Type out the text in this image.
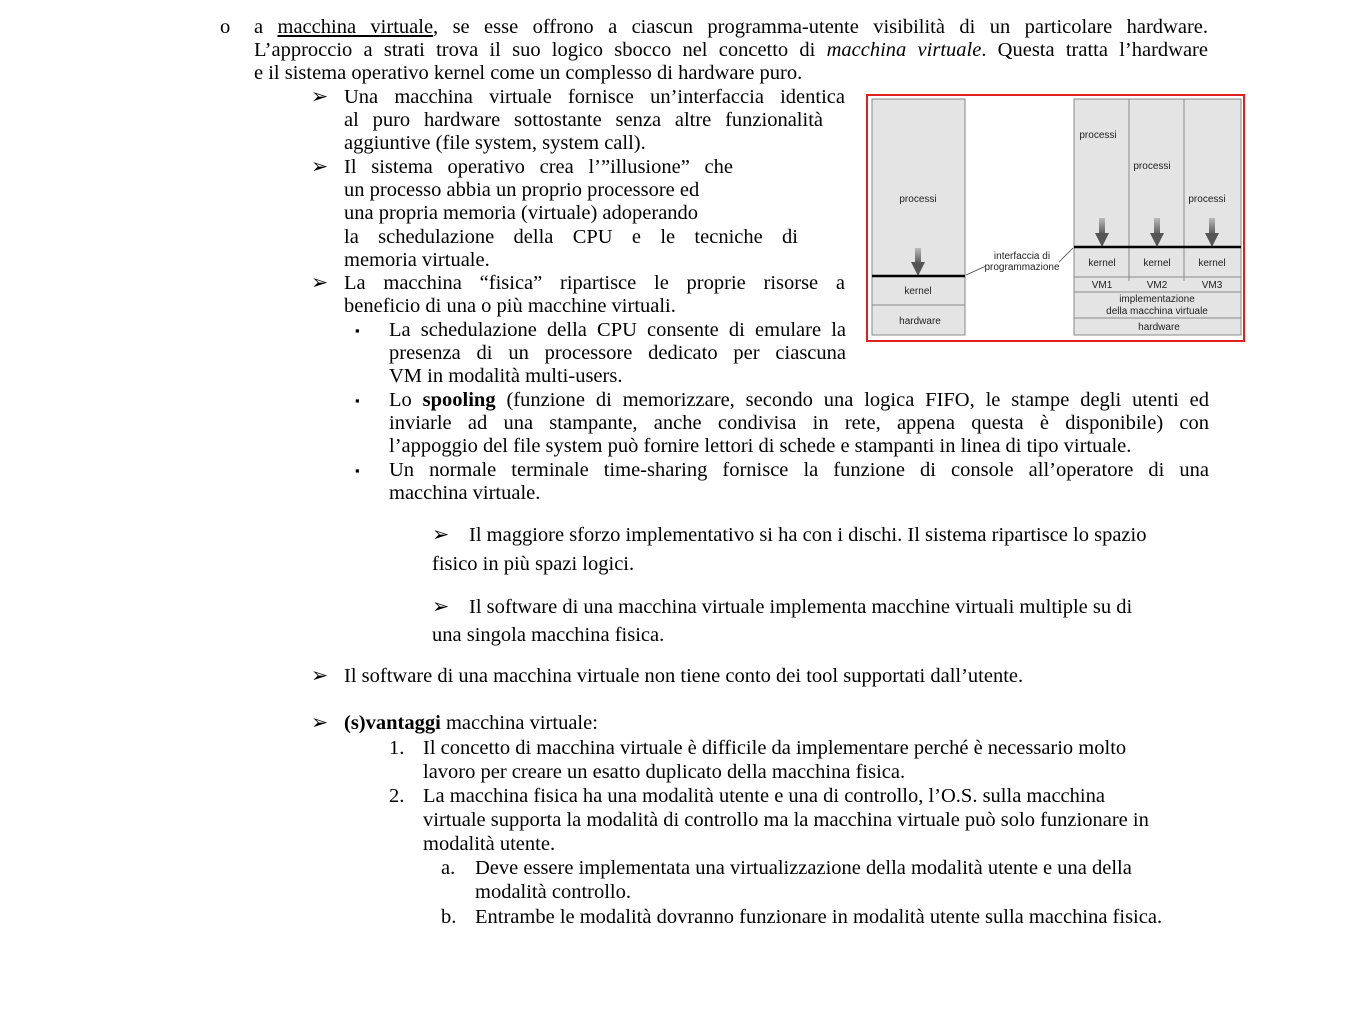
o a macchina virtuale, se esse offrono a ciascun programma-utente visibilità di un particolare hardware.
L’approccio a strati trova il suo logico sbocco nel concetto di macchina virtuale. Questa tratta l’hardware
e il sistema operativo kernel come un complesso di hardware puro.
➢ Una macchina virtuale fornisce un’interfaccia identica
al puro hardware sottostante senza altre funzionalità
aggiuntive (file system, system call).
➢ Il sistema operativo crea l’”illusione” che
un processo abbia un proprio processore ed
una propria memoria (virtuale) adoperando
la schedulazione della CPU e le tecniche di
memoria virtuale.
➢ La macchina “fisica” ripartisce le proprie risorse a
beneficio di una o più macchine virtuali.
▪ La schedulazione della CPU consente di emulare la
presenza di un processore dedicato per ciascuna
VM in modalità multi-users.
▪ Lo spooling (funzione di memorizzare, secondo una logica FIFO, le stampe degli utenti ed
inviarle ad una stampante, anche condivisa in rete, appena questa è disponibile) con
l’appoggio del file system può fornire lettori di schede e stampanti in linea di tipo virtuale.
▪ Un normale terminale time-sharing fornisce la funzione di console all’operatore di una
macchina virtuale.
➢ Il maggiore sforzo implementativo si ha con i dischi. Il sistema ripartisce lo spazio
fisico in più spazi logici.
➢ Il software di una macchina virtuale implementa macchine virtuali multiple su di
una singola macchina fisica.
➢ Il software di una macchina virtuale non tiene conto dei tool supportati dall’utente.
➢ (s)vantaggi macchina virtuale:
1. Il concetto di macchina virtuale è difficile da implementare perché è necessario molto
lavoro per creare un esatto duplicato della macchina fisica.
2. La macchina fisica ha una modalità utente e una di controllo, l’O.S. sulla macchina
virtuale supporta la modalità di controllo ma la macchina virtuale può solo funzionare in
modalità utente.
a. Deve essere implementata una virtualizzazione della modalità utente e una della
modalità controllo.
b. Entrambe le modalità dovranno funzionare in modalità utente sulla macchina fisica.
processi
kernel
hardware
interfaccia di
programmazione
processi
processi
processi
kernel	kernel	kernel
VM1	VM2	VM3
implementazione
della macchina virtuale
hardware
